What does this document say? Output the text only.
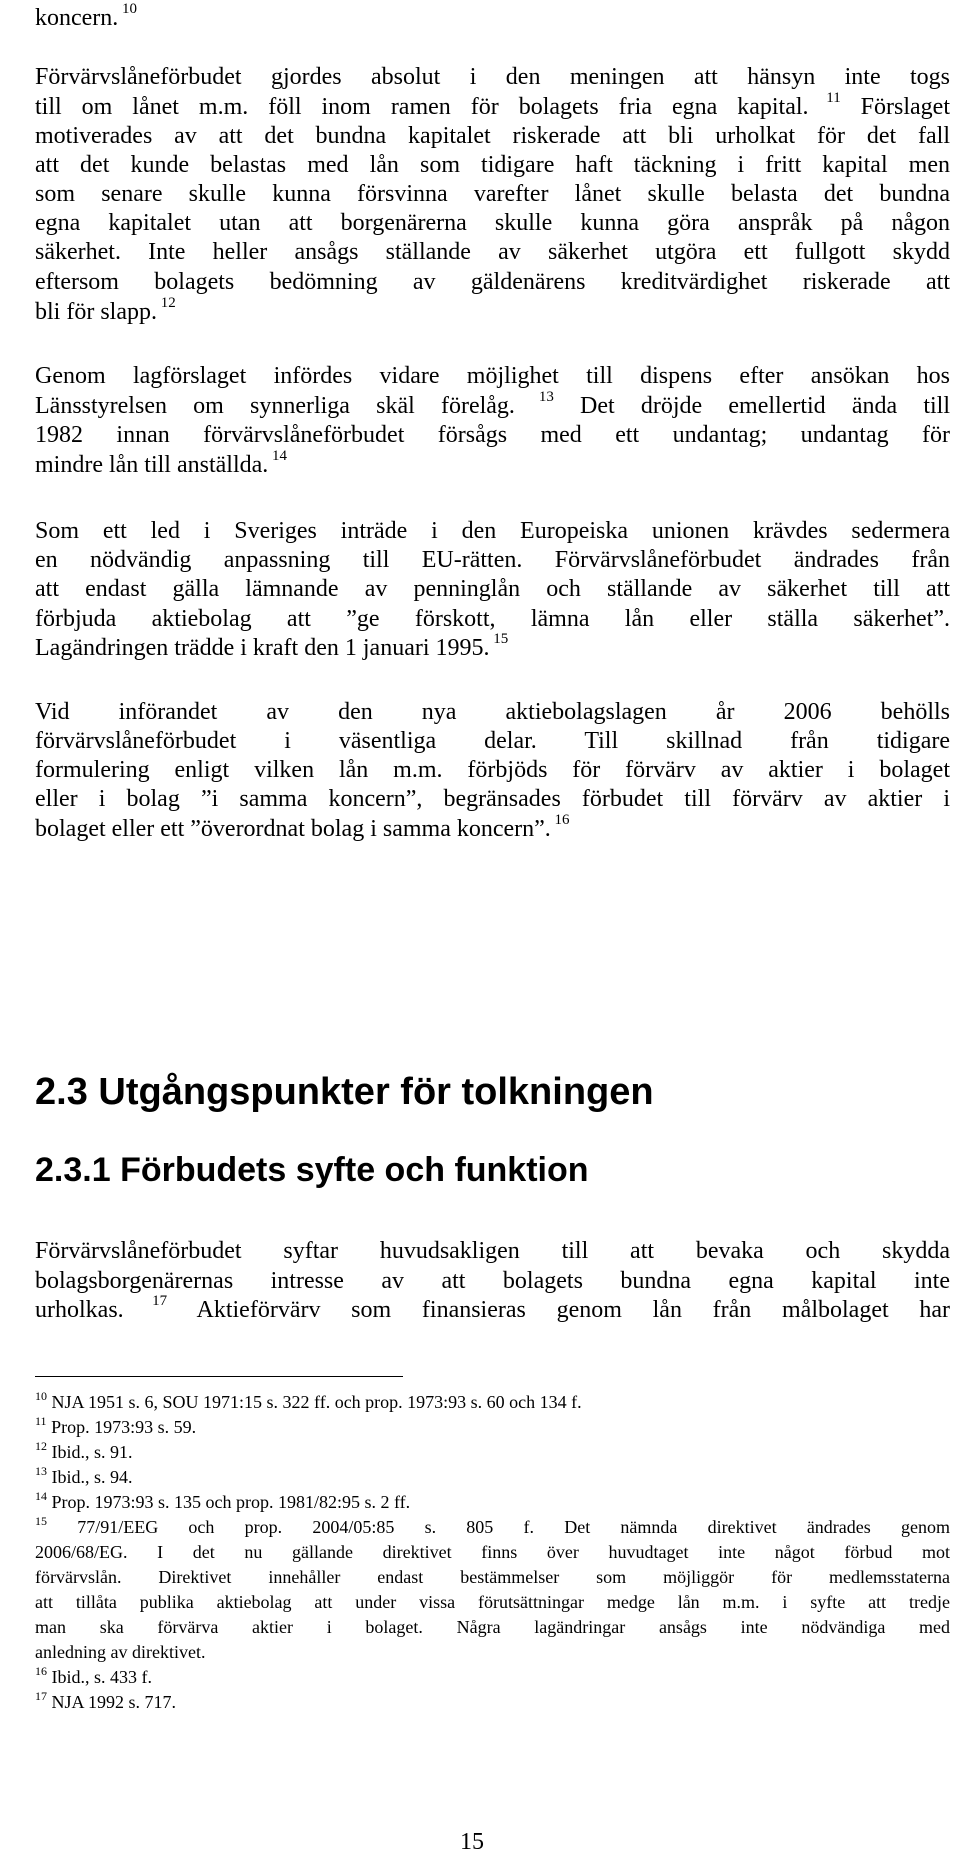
koncern. $^{10}$
Förvärvslåneförbudet gjordes absolut i den meningen att hänsyn inte togs
till om lånet m.m. föll inom ramen för bolagets fria egna kapital. $^{11}$ Förslaget
motiverades av att det bundna kapitalet riskerade att bli urholkat för det fall
att det kunde belastas med lån som tidigare haft täckning i fritt kapital men
som senare skulle kunna försvinna varefter lånet skulle belasta det bundna
egna kapitalet utan att borgenärerna skulle kunna göra anspråk på någon
säkerhet. Inte heller ansågs ställande av säkerhet utgöra ett fullgott skydd
eftersom bolagets bedömning av gäldenärens kreditvärdighet riskerade att
bli för slapp. $^{12}$
Genom lagförslaget infördes vidare möjlighet till dispens efter ansökan hos
Länsstyrelsen om synnerliga skäl förelåg. $^{13}$ Det dröjde emellertid ända till
1982 innan förvärvslåneförbudet försågs med ett undantag; undantag för
mindre lån till anställda. $^{14}$
Som ett led i Sveriges inträde i den Europeiska unionen krävdes sedermera
en nödvändig anpassning till EU-rätten. Förvärvslåneförbudet ändrades från
att endast gälla lämnande av penninglån och ställande av säkerhet till att
förbjuda aktiebolag att ”ge förskott, lämna lån eller ställa säkerhet”.
Lagändringen trädde i kraft den 1 januari 1995. $^{15}$
Vid införandet av den nya aktiebolagslagen år 2006 behölls
förvärvslåneförbudet i väsentliga delar. Till skillnad från tidigare
formulering enligt vilken lån m.m. förbjöds för förvärv av aktier i bolaget
eller i bolag ”i samma koncern”, begränsades förbudet till förvärv av aktier i
bolaget eller ett ”överordnat bolag i samma koncern”. $^{16}$
2.3 Utgångspunkter för tolkningen
2.3.1 Förbudets syfte och funktion
Förvärvslåneförbudet syftar huvudsakligen till att bevaka och skydda
bolagsborgenärernas intresse av att bolagets bundna egna kapital inte
urholkas. $^{17}$ Aktieförvärv som finansieras genom lån från målbolaget har
$^{10}$ NJA 1951 s. 6, SOU 1971:15 s. 322 ff. och prop. 1973:93 s. 60 och 134 f.
$^{11}$ Prop. 1973:93 s. 59.
$^{12}$ Ibid., s. 91.
$^{13}$ Ibid., s. 94.
$^{14}$ Prop. 1973:93 s. 135 och prop. 1981/82:95 s. 2 ff.
$^{15}$ 77/91/EEG och prop. 2004/05:85 s. 805 f. Det nämnda direktivet ändrades genom
2006/68/EG. I det nu gällande direktivet finns över huvudtaget inte något förbud mot
förvärvslån. Direktivet innehåller endast bestämmelser som möjliggör för medlemsstaterna
att tillåta publika aktiebolag att under vissa förutsättningar medge lån m.m. i syfte att tredje
man ska förvärva aktier i bolaget. Några lagändringar ansågs inte nödvändiga med
anledning av direktivet.
$^{16}$ Ibid., s. 433 f.
$^{17}$ NJA 1992 s. 717.
15
